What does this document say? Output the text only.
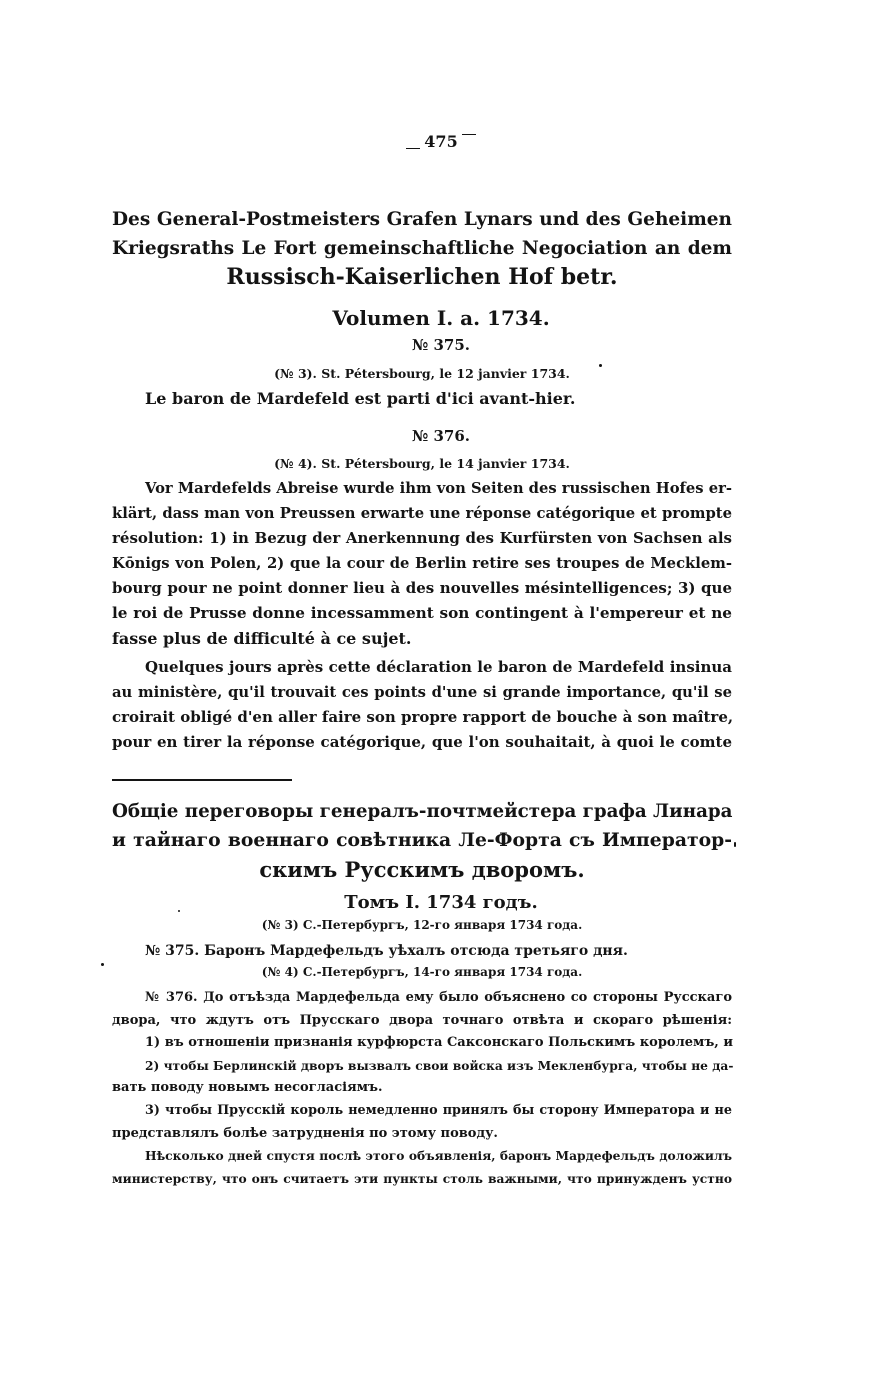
475
Des General-Postmeisters Grafen Lynars und des Geheimen
Kriegsraths Le Fort gemeinschaftliche Negociation an dem
Russisch-Kaiserlichen Hof betr.
Volumen I. a. 1734.
№ 375.
(№ 3). St. Pétersbourg, le 12 janvier 1734.
Le baron de Mardefeld est parti d'ici avant-hier.
№ 376.
(№ 4). St. Pétersbourg, le 14 janvier 1734.
Vor Mardefelds Abreise wurde ihm von Seiten des russischen Hofes er-
klärt, dass man von Preussen erwarte une réponse catégorique et prompte
résolution: 1) in Bezug der Anerkennung des Kurfürsten von Sachsen als
Kōnigs von Polen, 2) que la cour de Berlin retire ses troupes de Mecklem-
bourg pour ne point donner lieu à des nouvelles mésintelligences; 3) que
le roi de Prusse donne incessamment son contingent à l'empereur et ne
fasse plus de difficulté à ce sujet.
Quelques jours après cette déclaration le baron de Mardefeld insinua
au ministère, qu'il trouvait ces points d'une si grande importance, qu'il se
croirait obligé d'en aller faire son propre rapport de bouche à son maître,
pour en tirer la réponse catégorique, que l'on souhaitait, à quoi le comte
Общіе переговоры генералъ-почтмейстера графа Линара
и тайнаго военнаго совѣтника Ле-Форта съ Император-
скимъ Русскимъ дворомъ.
Томъ I. 1734 годъ.
(№ 3) С.-Петербургъ, 12-го января 1734 года.
№ 375. Баронъ Мардефельдъ уѣхалъ отсюда третьяго дня.
(№ 4) С.-Петербургъ, 14-го января 1734 года.
№ 376. До отъѣзда Мардефельда ему было объяснено со стороны Русскаго
двора, что ждутъ отъ Прусскаго двора точнаго отвѣта и скораго рѣшенія:
1) въ отношеніи признанія курфюрста Саксонскаго Польскимъ королемъ, и
2) чтобы Берлинскій дворъ вызвалъ свои войска изъ Мекленбурга, чтобы не да-
вать поводу новымъ несогласіямъ.
3) чтобы Прусскій король немедленно принялъ бы сторону Императора и не
представлялъ болѣе затрудненія по этому поводу.
Нѣсколько дней спустя послѣ этого объявленія, баронъ Мардефельдъ доложилъ
министерству, что онъ считаетъ эти пункты столь важными, что принужденъ устно
